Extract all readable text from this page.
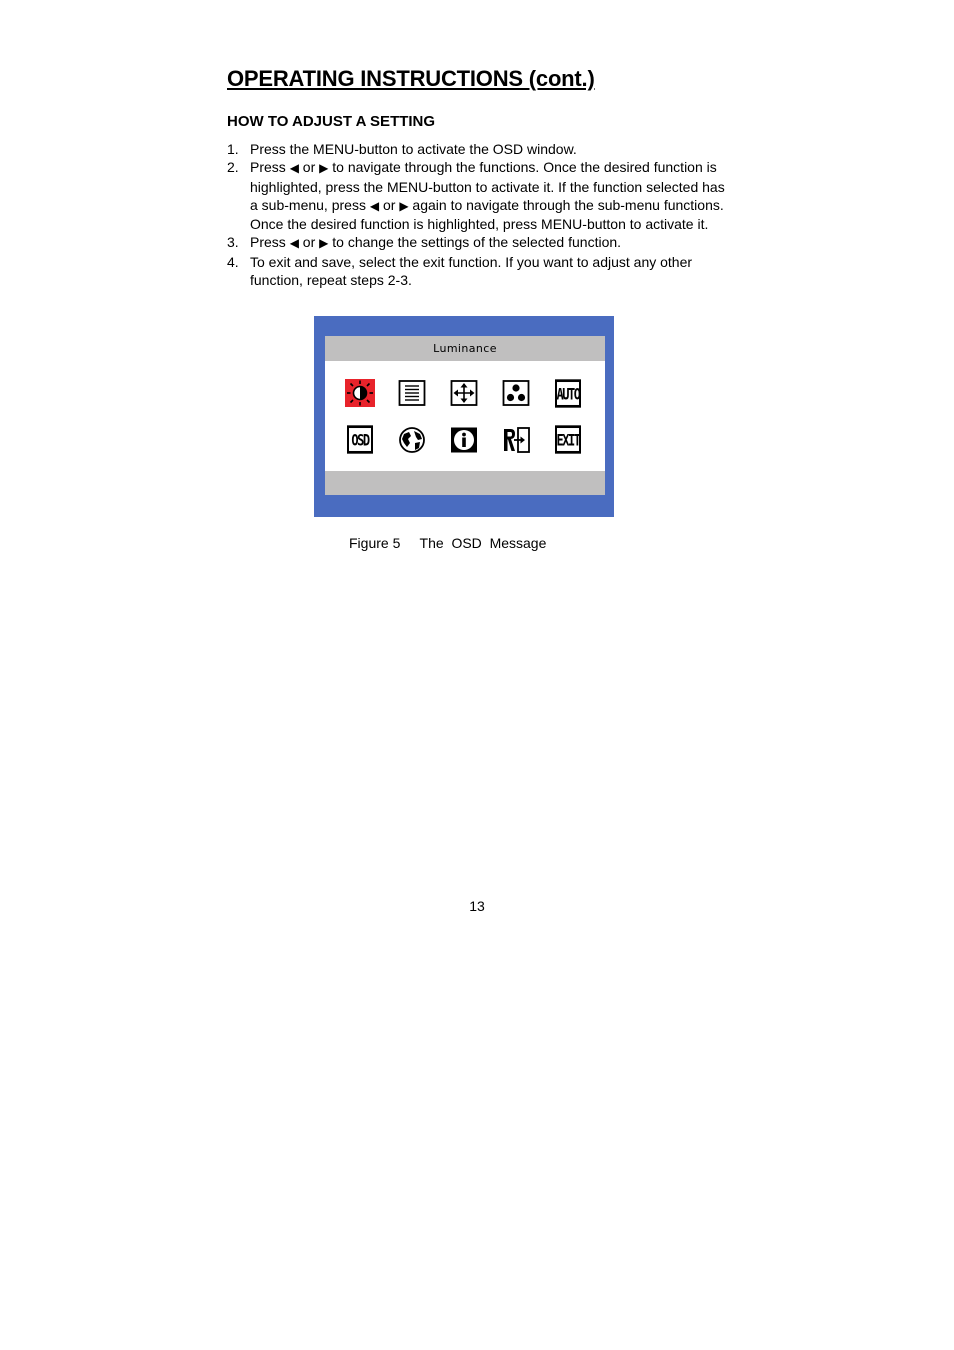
OPERATING INSTRUCTIONS (cont.)
HOW TO ADJUST A SETTING
1. Press the MENU-button to activate the OSD window.
2. Press ◀ or ▶ to navigate through the functions. Once the desired function is highlighted, press the MENU-button to activate it. If the function selected has a sub-menu, press ◀ or ▶ again to navigate through the sub-menu functions. Once the desired function is highlighted, press MENU-button to activate it.
3. Press ◀ or ▶ to change the settings of the selected function.
4. To exit and save, select the exit function. If you want to adjust any other function, repeat steps 2-3.
Luminance
AUTO
OSD	EXIT
Figure 5     The  OSD  Message
13
